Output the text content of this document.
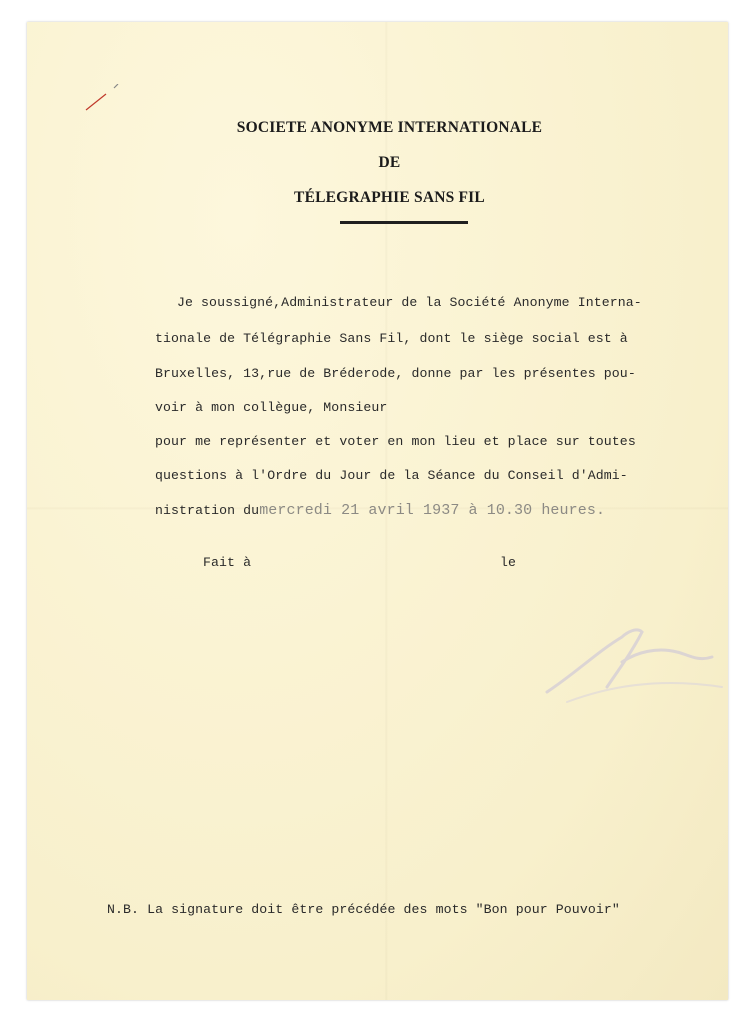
SOCIETE ANONYME INTERNATIONALE
DE
TÉLEGRAPHIE SANS FIL
Je soussigné,Administrateur de la Société Anonyme Interna-
tionale de Télégraphie Sans Fil, dont le siège social est à
Bruxelles, 13,rue de Bréderode, donne par les présentes pou-
voir à mon collègue, Monsieur
pour me représenter et voter en mon lieu et place sur toutes
questions à l'Ordre du Jour de la Séance du Conseil d'Admi-
nistration dumercredi 21 avril 1937 à 10.30 heures.
Fait à	le
N.B. La signature doit être précédée des mots "Bon pour Pouvoir"
